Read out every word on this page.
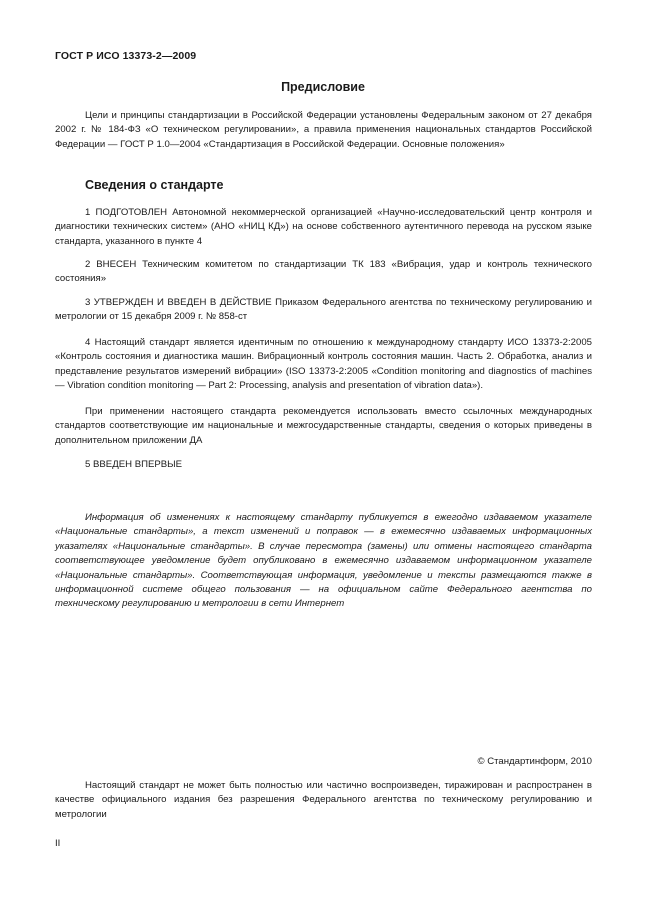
ГОСТ Р ИСО 13373-2—2009
Предисловие
Цели и принципы стандартизации в Российской Федерации установлены Федеральным законом от 27 декабря 2002 г. № 184-ФЗ «О техническом регулировании», а правила применения национальных стандартов Российской Федерации — ГОСТ Р 1.0—2004 «Стандартизация в Российской Федерации. Основные положения»
Сведения о стандарте
1 ПОДГОТОВЛЕН Автономной некоммерческой организацией «Научно-исследовательский центр контроля и диагностики технических систем» (АНО «НИЦ КД») на основе собственного аутентичного перевода на русском языке стандарта, указанного в пункте 4
2 ВНЕСЕН Техническим комитетом по стандартизации ТК 183 «Вибрация, удар и контроль технического состояния»
3 УТВЕРЖДЕН И ВВЕДЕН В ДЕЙСТВИЕ Приказом Федерального агентства по техническому регулированию и метрологии от 15 декабря 2009 г. № 858-ст
4 Настоящий стандарт является идентичным по отношению к международному стандарту ИСО 13373-2:2005 «Контроль состояния и диагностика машин. Вибрационный контроль состояния машин. Часть 2. Обработка, анализ и представление результатов измерений вибрации» (ISO 13373-2:2005 «Condition monitoring and diagnostics of machines — Vibration condition monitoring — Part 2: Processing, analysis and presentation of vibration data»).
При применении настоящего стандарта рекомендуется использовать вместо ссылочных международных стандартов соответствующие им национальные и межгосударственные стандарты, сведения о которых приведены в дополнительном приложении ДА
5 ВВЕДЕН ВПЕРВЫЕ
Информация об изменениях к настоящему стандарту публикуется в ежегодно издаваемом указателе «Национальные стандарты», а текст изменений и поправок — в ежемесячно издаваемых информационных указателях «Национальные стандарты». В случае пересмотра (замены) или отмены настоящего стандарта соответствующее уведомление будет опубликовано в ежемесячно издаваемом информационном указателе «Национальные стандарты». Соответствующая информация, уведомление и тексты размещаются также в информационной системе общего пользования — на официальном сайте Федерального агентства по техническому регулированию и метрологии в сети Интернет
© Стандартинформ, 2010
Настоящий стандарт не может быть полностью или частично воспроизведен, тиражирован и распространен в качестве официального издания без разрешения Федерального агентства по техническому регулированию и метрологии
II
